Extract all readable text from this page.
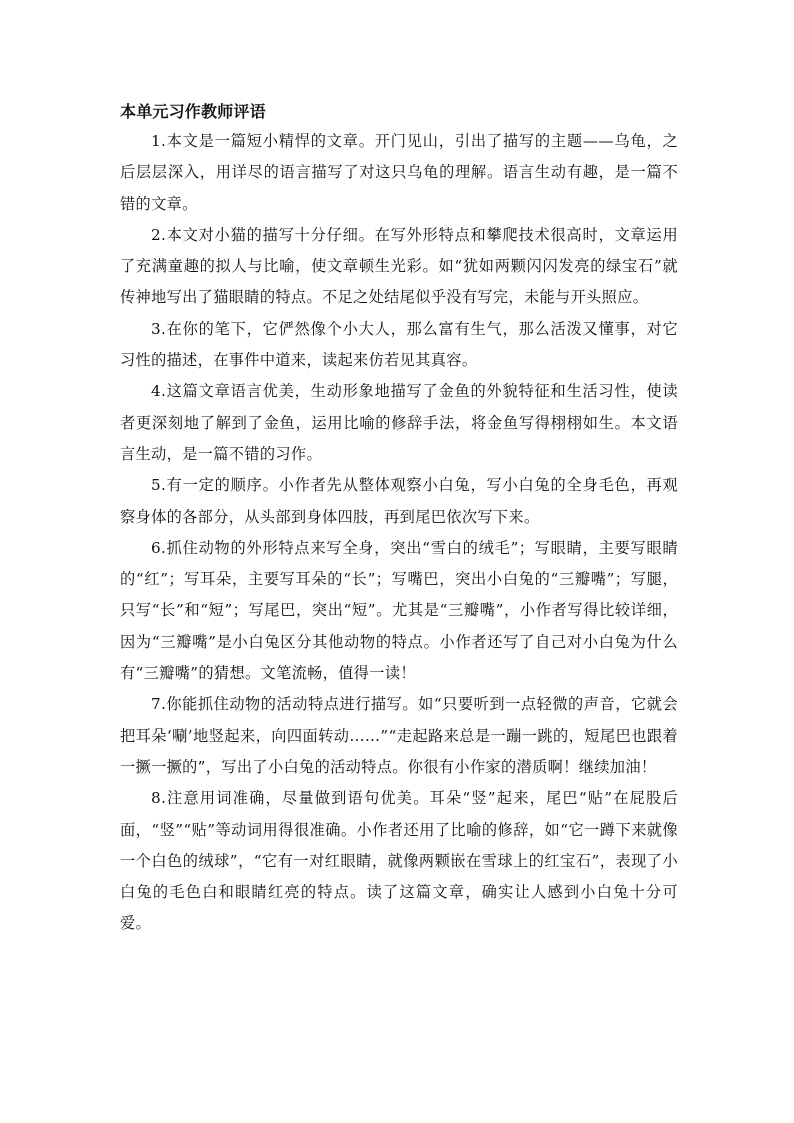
本单元习作教师评语

1.本文是一篇短小精悍的文章。开门见山，引出了描写的主题——乌龟，之后层层深入，用详尽的语言描写了对这只乌龟的理解。语言生动有趣，是一篇不错的文章。

2.本文对小猫的描写十分仔细。在写外形特点和攀爬技术很高时，文章运用了充满童趣的拟人与比喻，使文章顿生光彩。如“犹如两颗闪闪发亮的绿宝石”就传神地写出了猫眼睛的特点。不足之处结尾似乎没有写完，未能与开头照应。

3.在你的笔下，它俨然像个小大人，那么富有生气，那么活泼又懂事，对它习性的描述，在事件中道来，读起来仿若见其真容。

4.这篇文章语言优美，生动形象地描写了金鱼的外貌特征和生活习性，使读者更深刻地了解到了金鱼，运用比喻的修辞手法，将金鱼写得栩栩如生。本文语言生动，是一篇不错的习作。

5.有一定的顺序。小作者先从整体观察小白兔，写小白兔的全身毛色，再观察身体的各部分，从头部到身体四肢，再到尾巴依次写下来。

6.抓住动物的外形特点来写全身，突出“雪白的绒毛”；写眼睛，主要写眼睛的“红”；写耳朵，主要写耳朵的“长”；写嘴巴，突出小白兔的“三瓣嘴”；写腿，只写“长”和“短”；写尾巴，突出“短”。尤其是“三瓣嘴”，小作者写得比较详细，因为“三瓣嘴”是小白兔区分其他动物的特点。小作者还写了自己对小白兔为什么有“三瓣嘴”的猜想。文笔流畅，值得一读！

7.你能抓住动物的活动特点进行描写。如“只要听到一点轻微的声音，它就会把耳朵‘唰’地竖起来，向四面转动……”“走起路来总是一蹦一跳的，短尾巴也跟着一撅一撅的”，写出了小白兔的活动特点。你很有小作家的潜质啊！继续加油！

8.注意用词准确，尽量做到语句优美。耳朵“竖”起来，尾巴“贴”在屁股后面，“竖”“贴”等动词用得很准确。小作者还用了比喻的修辞，如“它一蹲下来就像一个白色的绒球”，“它有一对红眼睛，就像两颗嵌在雪球上的红宝石”，表现了小白兔的毛色白和眼睛红亮的特点。读了这篇文章，确实让人感到小白兔十分可爱。
